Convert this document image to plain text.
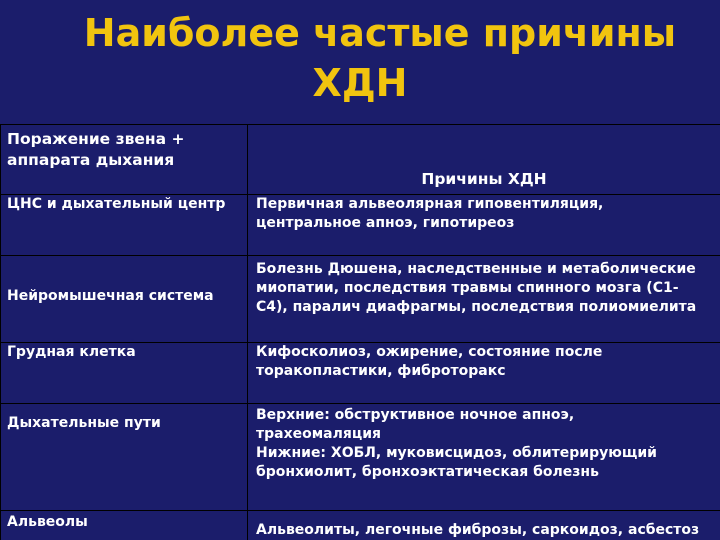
Наиболее частые причины
ХДН
Поражение звена +
аппарата дыхания	Причины ХДН
ЦНС и дыхательный центр	Первичная альвеолярная гиповентиляция,
центральное апноэ, гипотиреоз

Нейромышечная система	Болезнь Дюшена, наследственные и метаболические
миопатии, последствия травмы спинного мозга (С1-
С4), паралич диафрагмы, последствия полиомиелита

Грудная клетка	Кифосколиоз, ожирение, состояние после
торакопластики, фиброторакс

Дыхательные пути	Верхние: обструктивное ночное апноэ,
трахеомаляция
Нижние: ХОБЛ, муковисцидоз, облитерирующий
бронхиолит, бронхоэктатическая болезнь

Альвеолы	Альвеолиты, легочные фиброзы, саркоидоз, асбестоз
